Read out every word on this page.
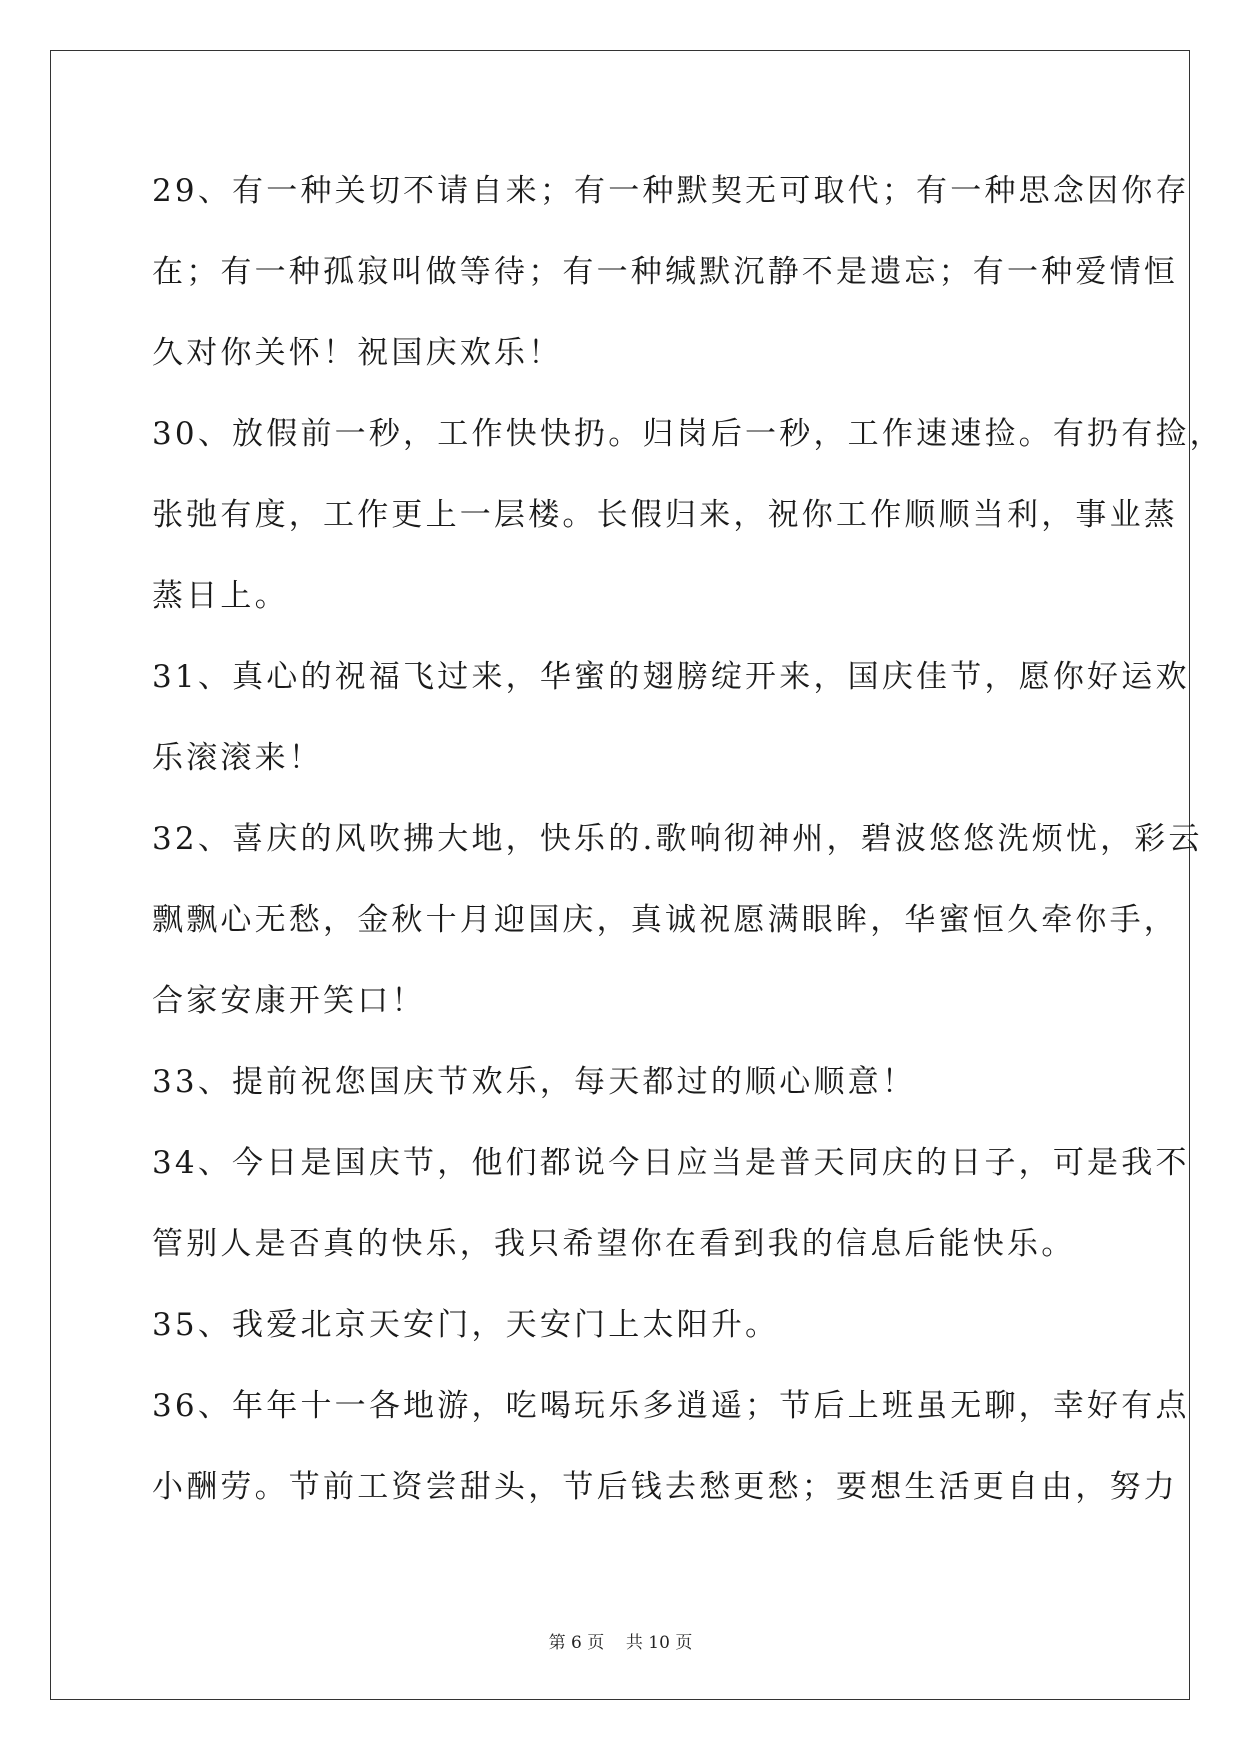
29、有一种关切不请自来；有一种默契无可取代；有一种思念因你存
在；有一种孤寂叫做等待；有一种缄默沉静不是遗忘；有一种爱情恒
久对你关怀！祝国庆欢乐！
30、放假前一秒，工作快快扔。归岗后一秒，工作速速捡。有扔有捡，
张弛有度，工作更上一层楼。长假归来，祝你工作顺顺当利，事业蒸
蒸日上。
31、真心的祝福飞过来，华蜜的翅膀绽开来，国庆佳节，愿你好运欢
乐滚滚来！
32、喜庆的风吹拂大地，快乐的.歌响彻神州，碧波悠悠洗烦忧，彩云
飘飘心无愁，金秋十月迎国庆，真诚祝愿满眼眸，华蜜恒久牵你手，
合家安康开笑口！
33、提前祝您国庆节欢乐，每天都过的顺心顺意！
34、今日是国庆节，他们都说今日应当是普天同庆的日子，可是我不
管别人是否真的快乐，我只希望你在看到我的信息后能快乐。
35、我爱北京天安门，天安门上太阳升。
36、年年十一各地游，吃喝玩乐多逍遥；节后上班虽无聊，幸好有点
小酬劳。节前工资尝甜头，节后钱去愁更愁；要想生活更自由，努力
第 6 页    共 10 页
